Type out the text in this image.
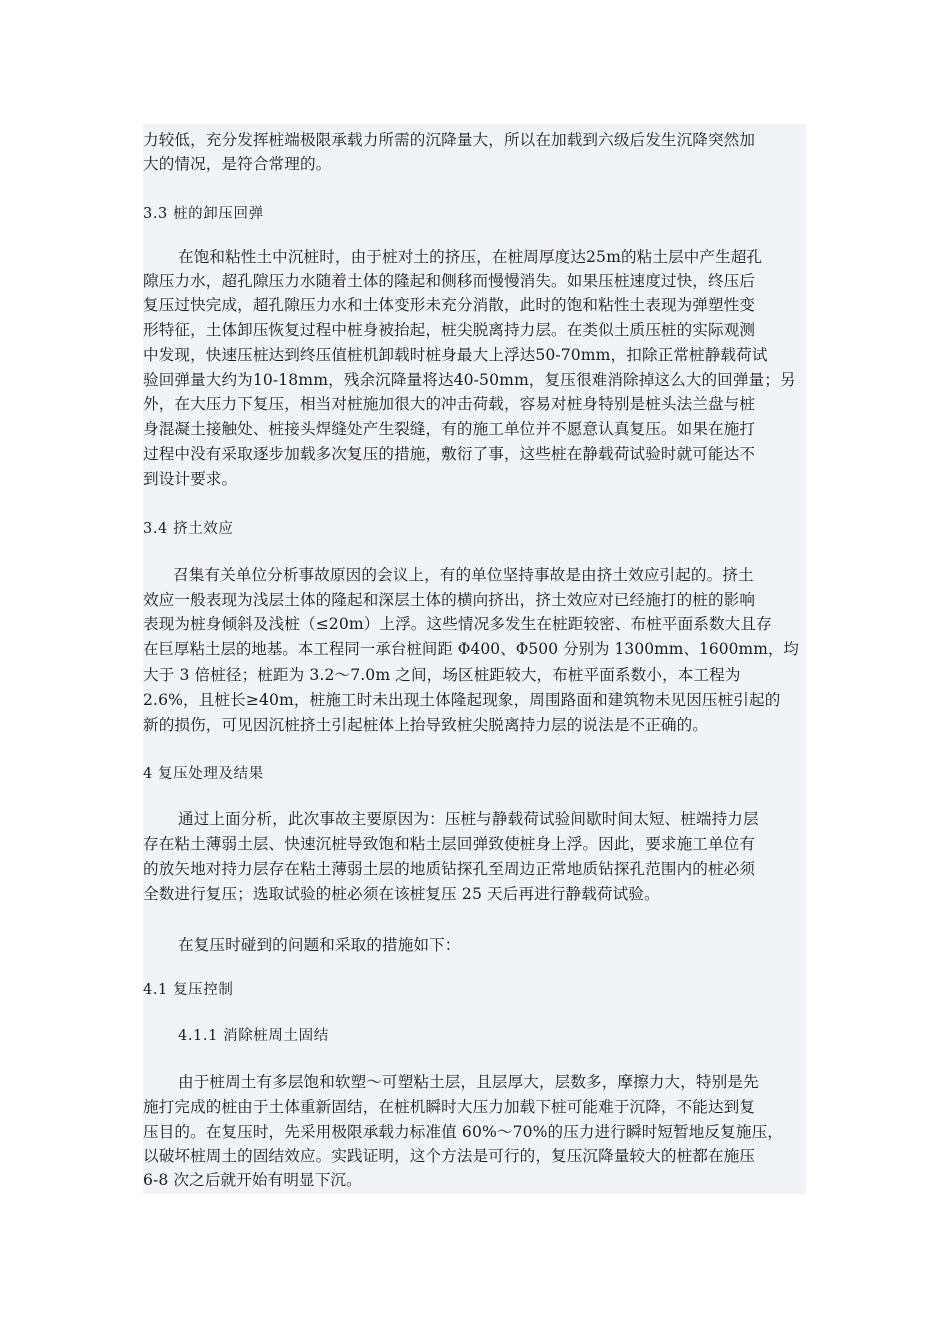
力较低，充分发挥桩端极限承载力所需的沉降量大，所以在加载到六级后发生沉降突然加
大的情况，是符合常理的。
3.3 桩的卸压回弹
在饱和粘性土中沉桩时，由于桩对土的挤压，在桩周厚度达25m的粘土层中产生超孔
隙压力水，超孔隙压力水随着土体的隆起和侧移而慢慢消失。如果压桩速度过快，终压后
复压过快完成，超孔隙压力水和土体变形未充分消散，此时的饱和粘性土表现为弹塑性变
形特征，土体卸压恢复过程中桩身被抬起，桩尖脱离持力层。在类似土质压桩的实际观测
中发现，快速压桩达到终压值桩机卸载时桩身最大上浮达50-70mm，扣除正常桩静载荷试
验回弹量大约为10-18mm，残余沉降量将达40-50mm，复压很难消除掉这么大的回弹量；另
外，在大压力下复压，相当对桩施加很大的冲击荷载，容易对桩身特别是桩头法兰盘与桩
身混凝土接触处、桩接头焊缝处产生裂缝，有的施工单位并不愿意认真复压。如果在施打
过程中没有采取逐步加载多次复压的措施，敷衍了事，这些桩在静载荷试验时就可能达不
到设计要求。
3.4 挤土效应
召集有关单位分析事故原因的会议上，有的单位坚持事故是由挤土效应引起的。挤土
效应一般表现为浅层土体的隆起和深层土体的横向挤出，挤土效应对已经施打的桩的影响
表现为桩身倾斜及浅桩（≤20m）上浮。这些情况多发生在桩距较密、布桩平面系数大且存
在巨厚粘土层的地基。本工程同一承台桩间距 Φ400、Φ500 分别为 1300mm、1600mm，均
大于 3 倍桩径；桩距为 3.2～7.0m 之间，场区桩距较大，布桩平面系数小，本工程为
2.6%，且桩长≥40m，桩施工时未出现土体隆起现象，周围路面和建筑物未见因压桩引起的
新的损伤，可见因沉桩挤土引起桩体上抬导致桩尖脱离持力层的说法是不正确的。
4 复压处理及结果
通过上面分析，此次事故主要原因为：压桩与静载荷试验间歇时间太短、桩端持力层
存在粘土薄弱土层、快速沉桩导致饱和粘土层回弹致使桩身上浮。因此，要求施工单位有
的放矢地对持力层存在粘土薄弱土层的地质钻探孔至周边正常地质钻探孔范围内的桩必须
全数进行复压；选取试验的桩必须在该桩复压 25 天后再进行静载荷试验。
在复压时碰到的问题和采取的措施如下：
4.1 复压控制
4.1.1 消除桩周土固结
由于桩周土有多层饱和软塑～可塑粘土层，且层厚大，层数多，摩擦力大，特别是先
施打完成的桩由于土体重新固结，在桩机瞬时大压力加载下桩可能难于沉降，不能达到复
压目的。在复压时，先采用极限承载力标准值 60%～70%的压力进行瞬时短暂地反复施压，
以破坏桩周土的固结效应。实践证明，这个方法是可行的，复压沉降量较大的桩都在施压
6-8 次之后就开始有明显下沉。
